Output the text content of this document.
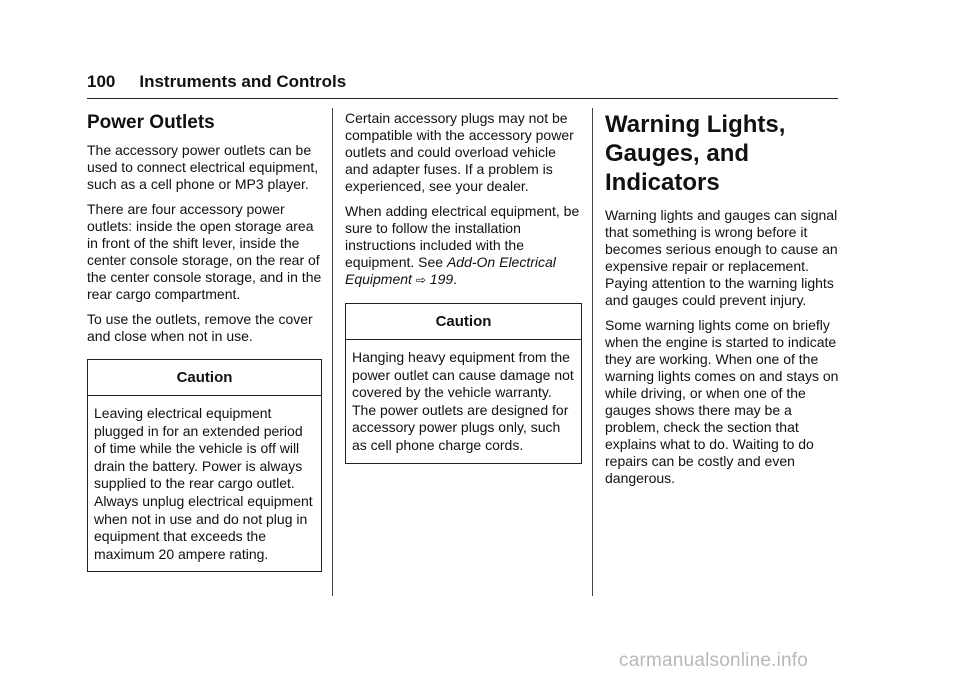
100 Instruments and Controls
Power Outlets

The accessory power outlets can be used to connect electrical equipment, such as a cell phone or MP3 player.

There are four accessory power outlets: inside the open storage area in front of the shift lever, inside the center console storage, on the rear of the center console storage, and in the rear cargo compartment.

To use the outlets, remove the cover and close when not in use.

Caution
Leaving electrical equipment plugged in for an extended period of time while the vehicle is off will drain the battery. Power is always supplied to the rear cargo outlet. Always unplug electrical equipment when not in use and do not plug in equipment that exceeds the maximum 20 ampere rating.

Certain accessory plugs may not be compatible with the accessory power outlets and could overload vehicle and adapter fuses. If a problem is experienced, see your dealer.

When adding electrical equipment, be sure to follow the installation instructions included with the equipment. See Add-On Electrical Equipment ⇨ 199.

Caution
Hanging heavy equipment from the power outlet can cause damage not covered by the vehicle warranty. The power outlets are designed for accessory power plugs only, such as cell phone charge cords.
Warning Lights, Gauges, and Indicators

Warning lights and gauges can signal that something is wrong before it becomes serious enough to cause an expensive repair or replacement. Paying attention to the warning lights and gauges could prevent injury.

Some warning lights come on briefly when the engine is started to indicate they are working. When one of the warning lights comes on and stays on while driving, or when one of the gauges shows there may be a problem, check the section that explains what to do. Waiting to do repairs can be costly and even dangerous.

carmanualsonline.info
